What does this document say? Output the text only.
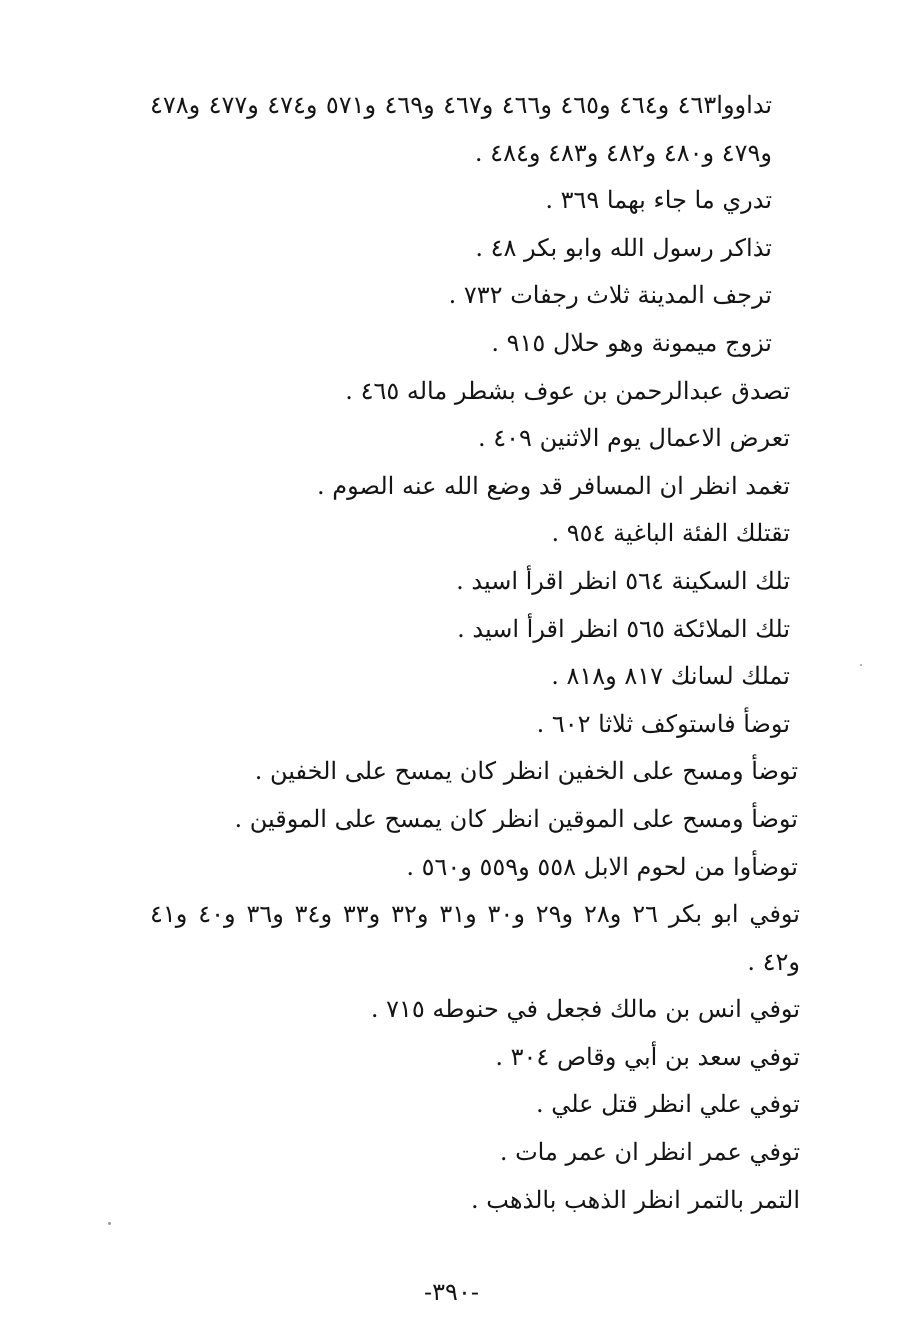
تداووا٤٦٣ و٤٦٤ و٤٦٥ و٤٦٦ و٤٦٧ و٤٦٩ و٥٧١ و٤٧٤ و٤٧٧ و٤٧٨ و٤٧٩ و٤٨٠ و٤٨٢ و٤٨٣ و٤٨٤ .
تدري ما جاء بهما ٣٦٩ .
تذاكر رسول الله وابو بكر ٤٨ .
ترجف المدينة ثلاث رجفات ٧٣٢ .
تزوج ميمونة وهو حلال ٩١٥ .
تصدق عبدالرحمن بن عوف بشطر ماله ٤٦٥ .
تعرض الاعمال يوم الاثنين ٤٠٩ .
تغمد انظر ان المسافر قد وضع الله عنه الصوم .
تقتلك الفئة الباغية ٩٥٤ .
تلك السكينة ٥٦٤ انظر اقرأ اسيد .
تلك الملائكة ٥٦٥ انظر اقرأ اسيد .
تملك لسانك ٨١٧ و٨١٨ .
توضأ فاستوكف ثلاثا ٦٠٢ .
توضأ ومسح على الخفين انظر كان يمسح على الخفين .
توضأ ومسح على الموقين انظر كان يمسح على الموقين .
توضأوا من لحوم الابل ٥٥٨ و٥٥٩ و٥٦٠ .
توفي ابو بكر ٢٦ و٢٨ و٢٩ و٣٠ و٣١ و٣٢ و٣٣ و٣٤ و٣٦ و٤٠ و٤١ و٤٢ .
توفي انس بن مالك فجعل في حنوطه ٧١٥ .
توفي سعد بن أبي وقاص ٣٠٤ .
توفي علي انظر قتل علي .
توفي عمر انظر ان عمر مات .
التمر بالتمر انظر الذهب بالذهب .
-٣٩٠-
